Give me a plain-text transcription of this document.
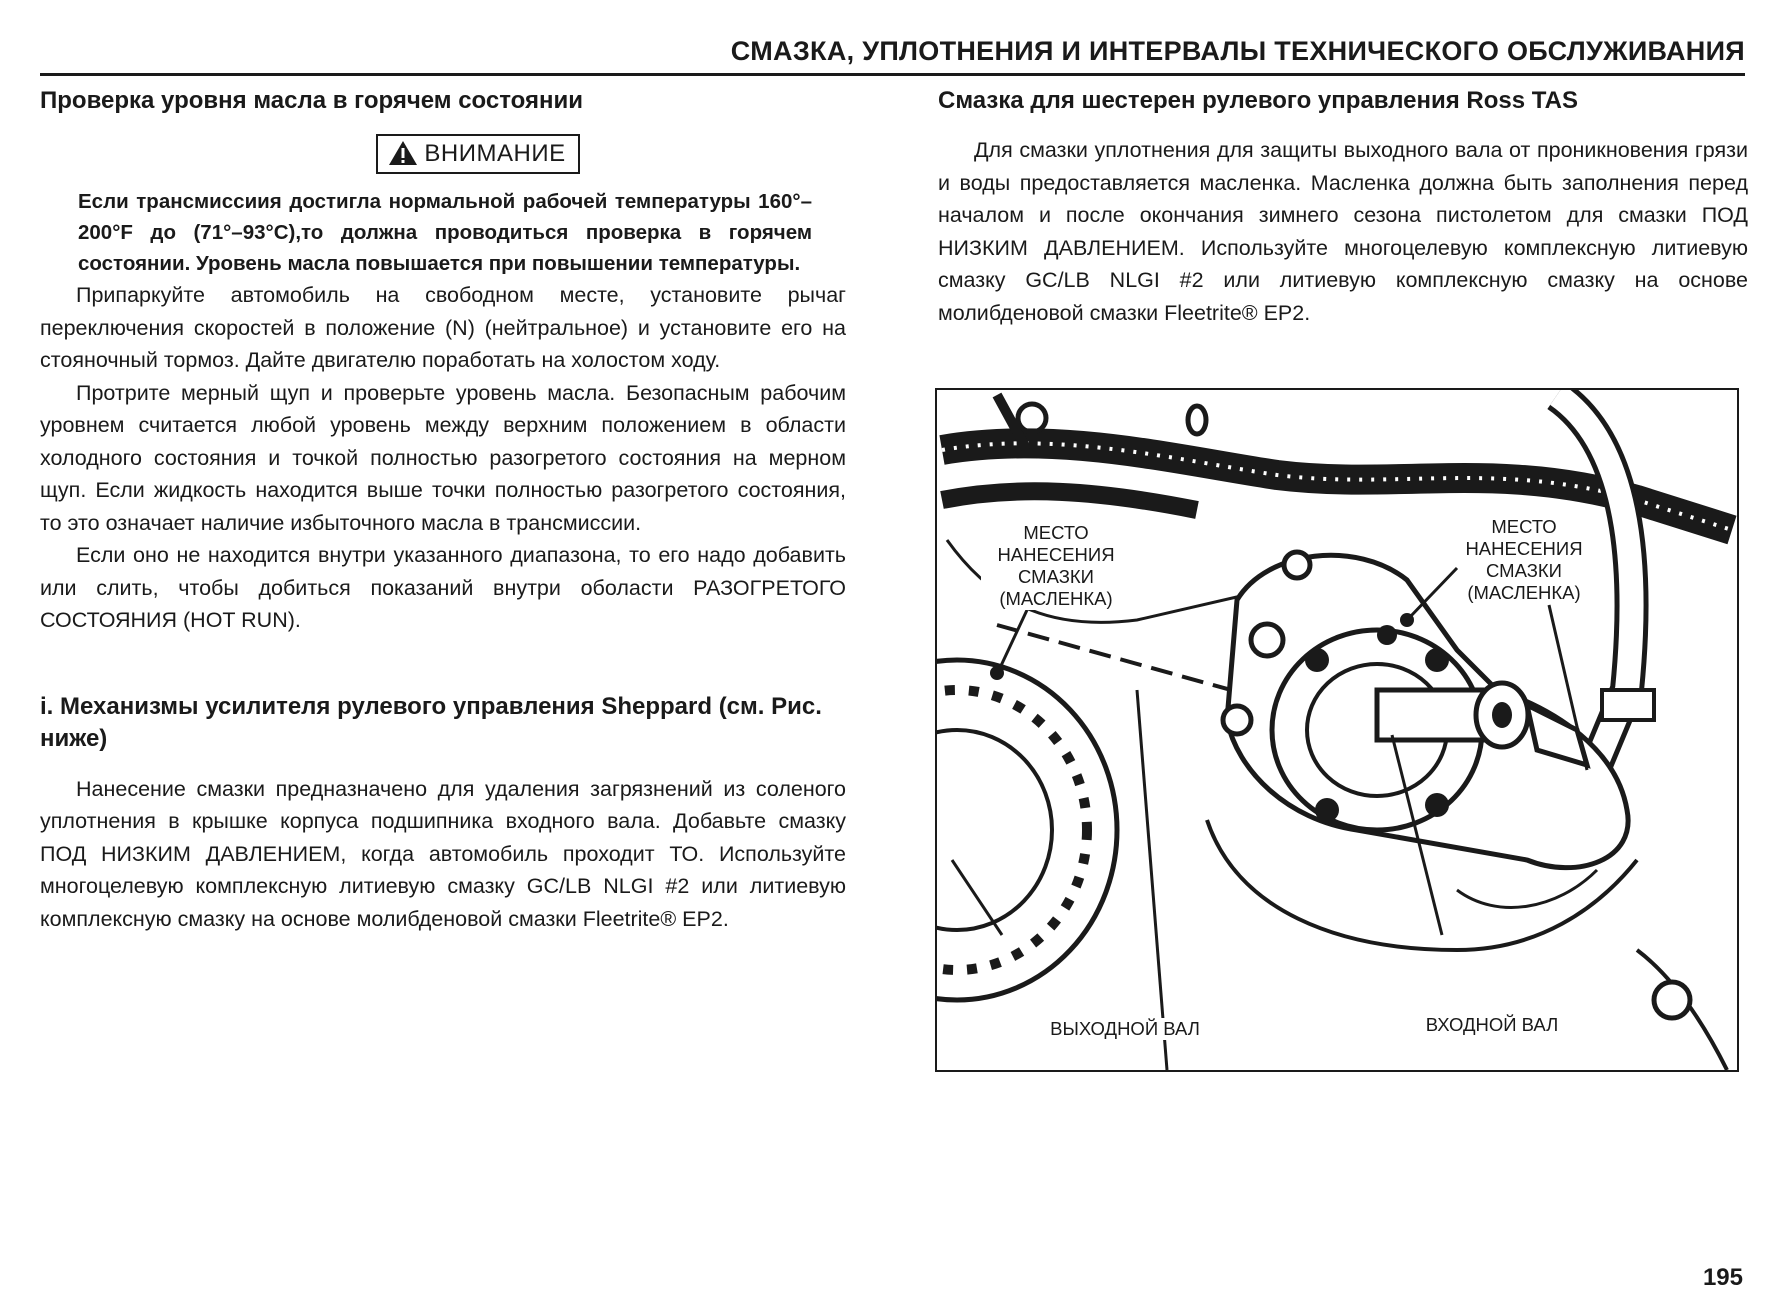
СМАЗКА, УПЛОТНЕНИЯ И ИНТЕРВАЛЫ ТЕХНИЧЕСКОГО ОБСЛУЖИВАНИЯ
Проверка уровня масла в горячем состоянии
ВНИМАНИЕ

Если трансмиссиия достигла нормальной рабочей температуры 160°–200°F до (71°–93°С),то должна проводиться проверка в горячем состоянии. Уровень масла повышается при повышении температуры.

Припаркуйте автомобиль на свободном месте, установите рычаг переключения скоростей в положение (N) (нейтральное) и установите его на стояночный тормоз. Дайте двигателю поработать на холостом ходу.

Протрите мерный щуп и проверьте уровень масла. Безопасным рабочим уровнем считается любой уровень между верхним положением в области холодного состояния и точкой полностью разогретого состояния на мерном щуп. Если жидкость находится выше точки полностью разогретого состояния, то это означает наличие избыточного масла в трансмиссии.

Если оно не находится внутри указанного диапазона, то его надо добавить или слить, чтобы добиться показаний внутри оболасти РАЗОГРЕТОГО СОСТОЯНИЯ (HOT RUN).

i. Механизмы усилителя рулевого управления Sheppard (см. Рис. ниже)

Нанесение смазки предназначено для удаления загрязнений из соленого уплотнения в крышке корпуса подшипника входного вала. Добавьте смазку ПОД НИЗКИМ ДАВЛЕНИЕМ, когда автомобиль проходит ТО. Используйте многоцелевую комплексную литиевую смазку GC/LB NLGI #2 или литиевую комплексную смазку на основе молибденовой смазки Fleetrite® EP2.

Смазка для шестерен рулевого управления Ross TAS

Для смазки уплотнения для защиты выходного вала от проникновения грязи и воды предоставляется масленка. Масленка должна быть заполнения перед началом и после окончания зимнего сезона пистолетом для смазки ПОД НИЗКИМ ДАВЛЕНИЕМ. Используйте многоцелевую комплексную литиевую смазку GC/LB NLGI #2 или литиевую комплексную смазку на основе молибденовой смазки Fleetrite® EP2.

МЕСТО
НАНЕСЕНИЯ
СМАЗКИ
(МАСЛЕНКА)
МЕСТО
НАНЕСЕНИЯ
СМАЗКИ
(МАСЛЕНКА)
ВЫХОДНОЙ ВАЛ	ВХОДНОЙ ВАЛ
195
